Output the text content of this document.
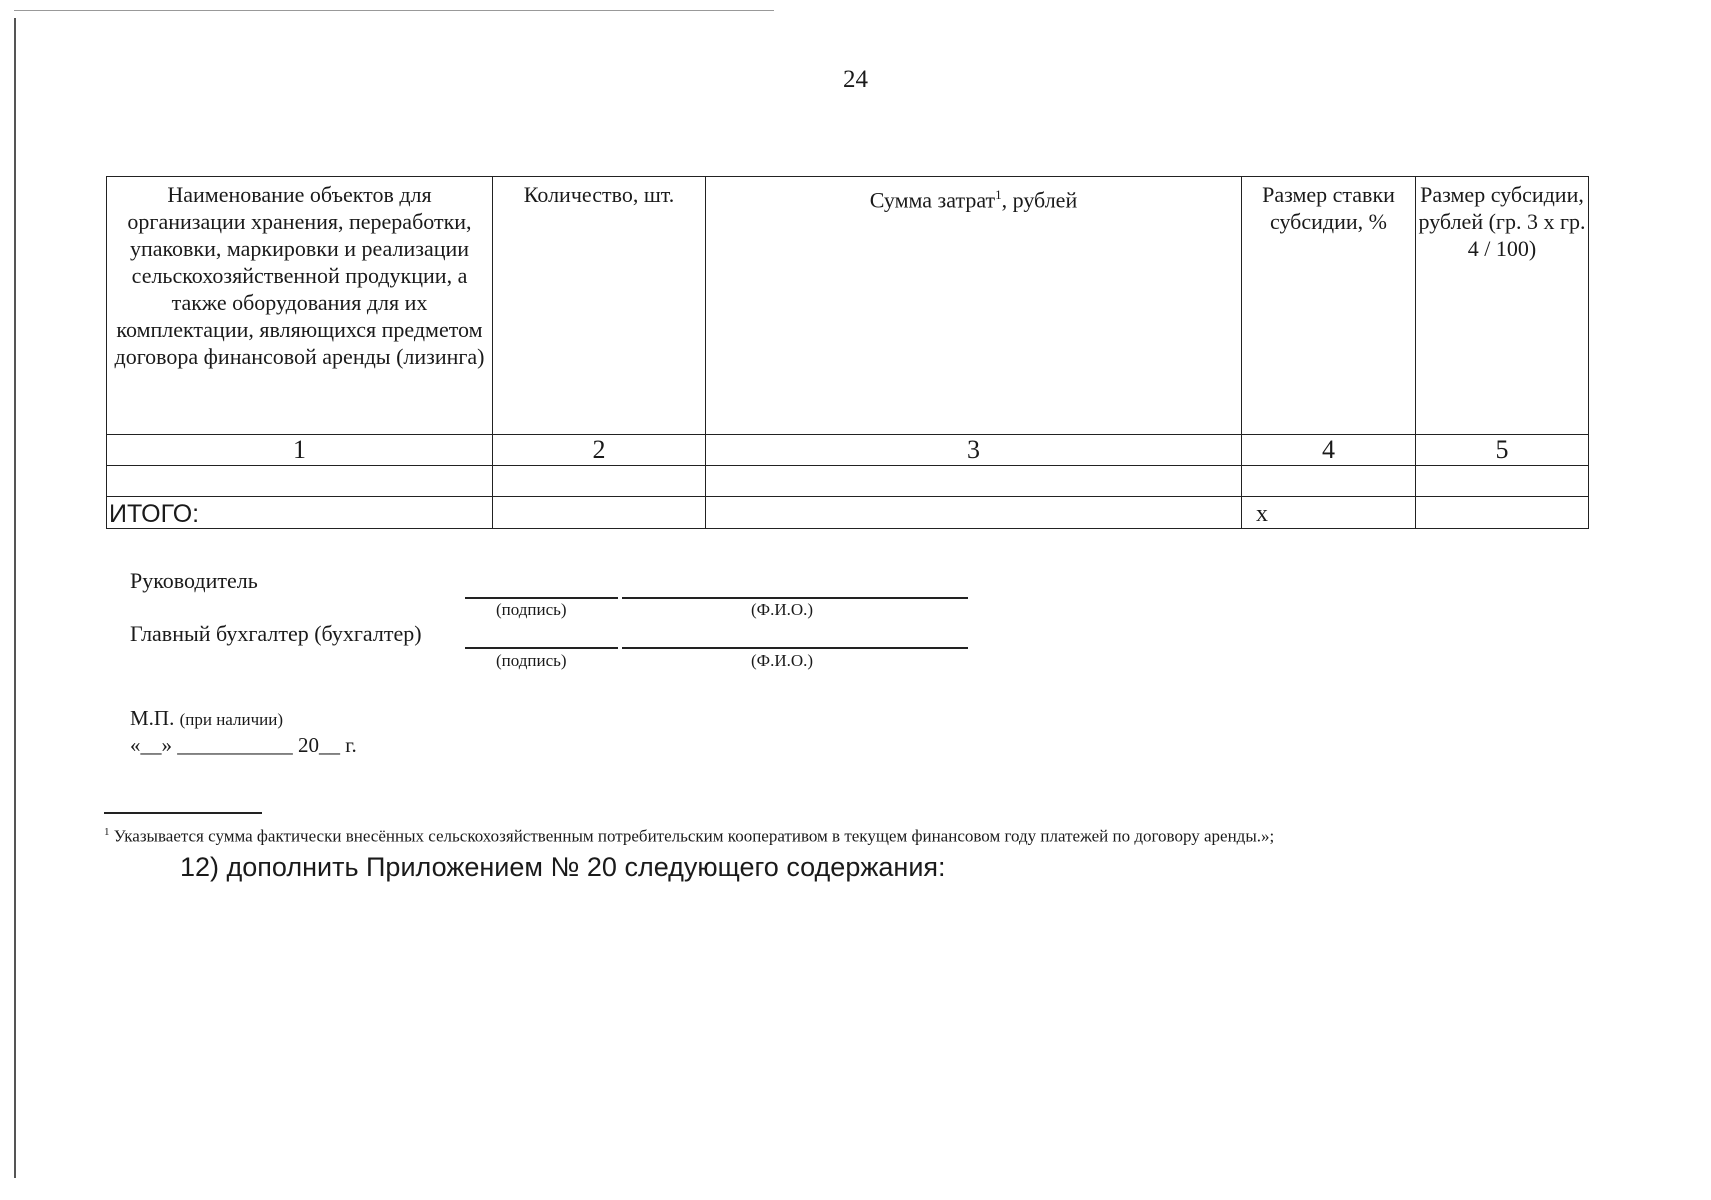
24
Наименование объектов для организации хранения, переработки, упаковки, маркировки и реализации сельскохозяйственной продукции, а также оборудования для их комплектации, являющихся предметом договора финансовой аренды (лизинга)	Количество, шт.	Сумма затрат$^1$, рублей	Размер ставки субсидии, %	Размер субсидии, рублей (гр. 3 x гр. 4 / 100)
1	2	3	4	5

ИТОГО:			х	
Руководитель
(подпись)	(Ф.И.О.)
Главный бухгалтер (бухгалтер)
(подпись)	(Ф.И.О.)
М.П. (при наличии)
«__» ___________ 20__ г.
$^1$ Указывается сумма фактически внесённых сельскохозяйственным потребительским кооперативом в текущем финансовом году платежей по договору аренды.»;
12) дополнить Приложением № 20 следующего содержания:
